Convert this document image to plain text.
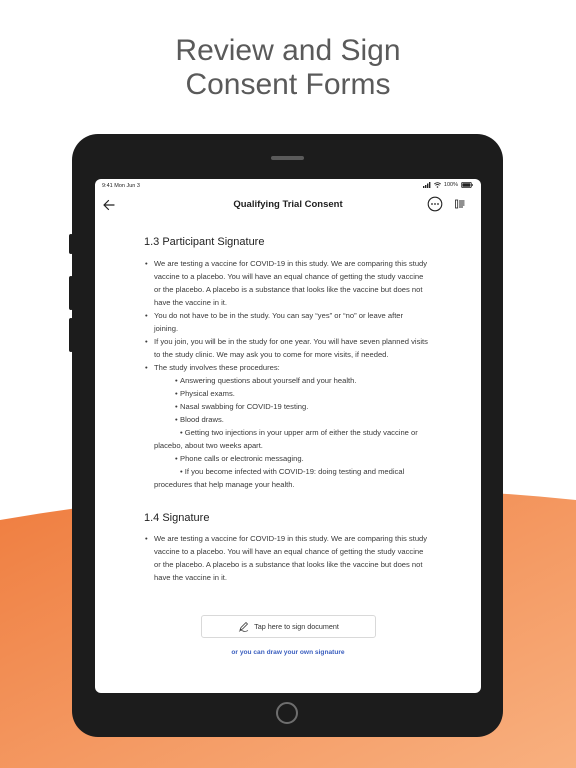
Review and Sign
Consent Forms
9:41 Mon Jun 3	100%
Qualifying Trial Consent
1.3 Participant Signature
• We are testing a vaccine for COVID-19 in this study. We are comparing this study vaccine to a placebo. You will have an equal chance of getting the study vaccine or the placebo. A placebo is a substance that looks like the vaccine but does not have the vaccine in it.
• You do not have to be in the study. You can say “yes” or “no” or leave after joining.
• If you join, you will be in the study for one year. You will have seven planned visits to the study clinic. We may ask you to come for more visits, if needed.
• The study involves these procedures:
• Answering questions about yourself and your health.
• Physical exams.
• Nasal swabbing for COVID-19 testing.
• Blood draws.
• Getting two injections in your upper arm of either the study vaccine or placebo, about two weeks apart.
• Phone calls or electronic messaging.
• If you become infected with COVID-19: doing testing and medical procedures that help manage your health.
1.4 Signature
• We are testing a vaccine for COVID-19 in this study. We are comparing this study vaccine to a placebo. You will have an equal chance of getting the study vaccine or the placebo. A placebo is a substance that looks like the vaccine but does not have the vaccine in it.
Tap here to sign document
or you can draw your own signature
